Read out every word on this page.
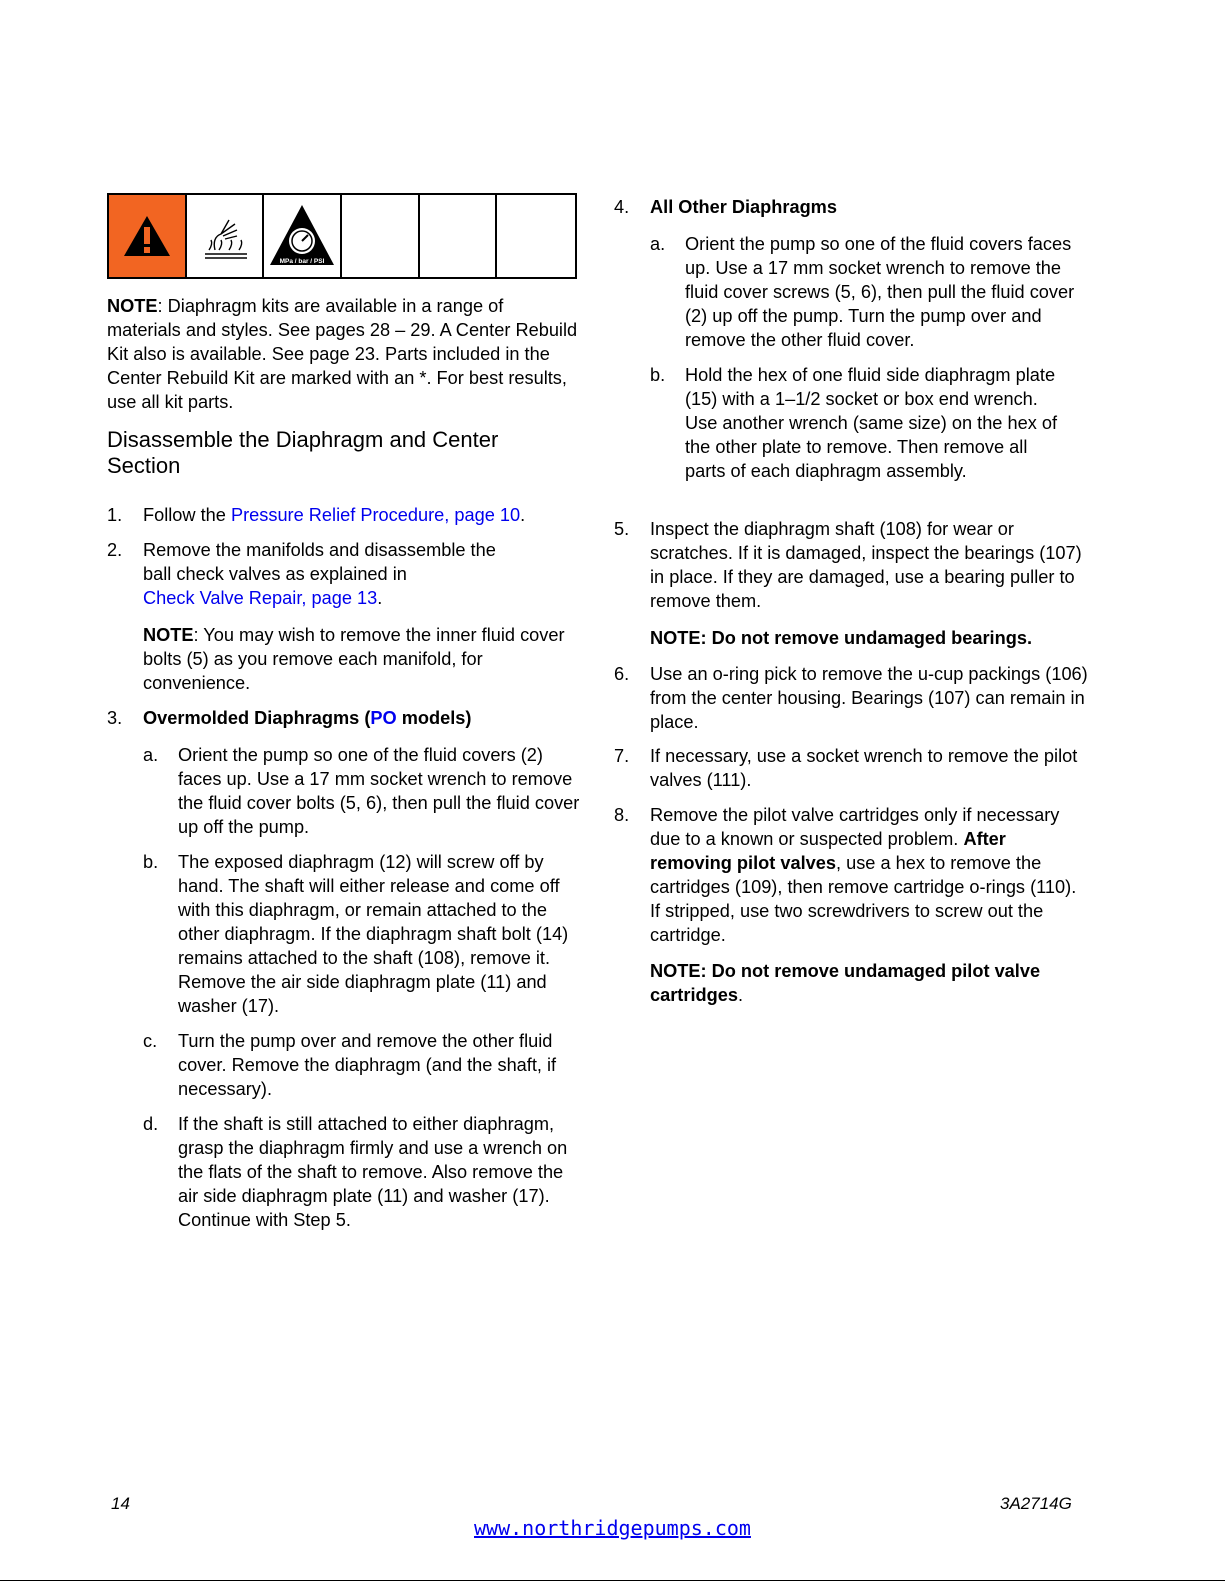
MPa / bar / PSI

NOTE: Diaphragm kits are available in a range of materials and styles. See pages 28 – 29. A Center Rebuild Kit also is available. See page 23. Parts included in the Center Rebuild Kit are marked with an *. For best results, use all kit parts.

Disassemble the Diaphragm and Center Section
1. Follow the Pressure Relief Procedure, page 10.

2. Remove the manifolds and disassemble the ball check valves as explained in
Check Valve Repair, page 13.

NOTE: You may wish to remove the inner fluid cover bolts (5) as you remove each manifold, for convenience.

3. Overmolded Diaphragms (PO models)

a. Orient the pump so one of the fluid covers (2) faces up. Use a 17 mm socket wrench to remove the fluid cover bolts (5, 6), then pull the fluid cover up off the pump.

b. The exposed diaphragm (12) will screw off by hand. The shaft will either release and come off with this diaphragm, or remain attached to the other diaphragm. If the diaphragm shaft bolt (14) remains attached to the shaft (108), remove it. Remove the air side diaphragm plate (11) and washer (17).

c. Turn the pump over and remove the other fluid cover. Remove the diaphragm (and the shaft, if necessary).

d. If the shaft is still attached to either diaphragm, grasp the diaphragm firmly and use a wrench on the flats of the shaft to remove. Also remove the air side diaphragm plate (11) and washer (17). Continue with Step 5.

4. All Other Diaphragms

a. Orient the pump so one of the fluid covers faces up. Use a 17 mm socket wrench to remove the fluid cover screws (5, 6), then pull the fluid cover (2) up off the pump. Turn the pump over and remove the other fluid cover.

b. Hold the hex of one fluid side diaphragm plate (15) with a 1–1/2 socket or box end wrench. Use another wrench (same size) on the hex of the other plate to remove. Then remove all parts of each diaphragm assembly.

5. Inspect the diaphragm shaft (108) for wear or scratches. If it is damaged, inspect the bearings (107) in place. If they are damaged, use a bearing puller to remove them.

NOTE: Do not remove undamaged bearings.

6. Use an o-ring pick to remove the u-cup packings (106) from the center housing. Bearings (107) can remain in place.

7. If necessary, use a socket wrench to remove the pilot valves (111).

8. Remove the pilot valve cartridges only if necessary due to a known or suspected problem. After removing pilot valves, use a hex to remove the cartridges (109), then remove cartridge o-rings (110). If stripped, use two screwdrivers to screw out the cartridge.

NOTE: Do not remove undamaged pilot valve cartridges.

14	3A2714G
www.northridgepumps.com
